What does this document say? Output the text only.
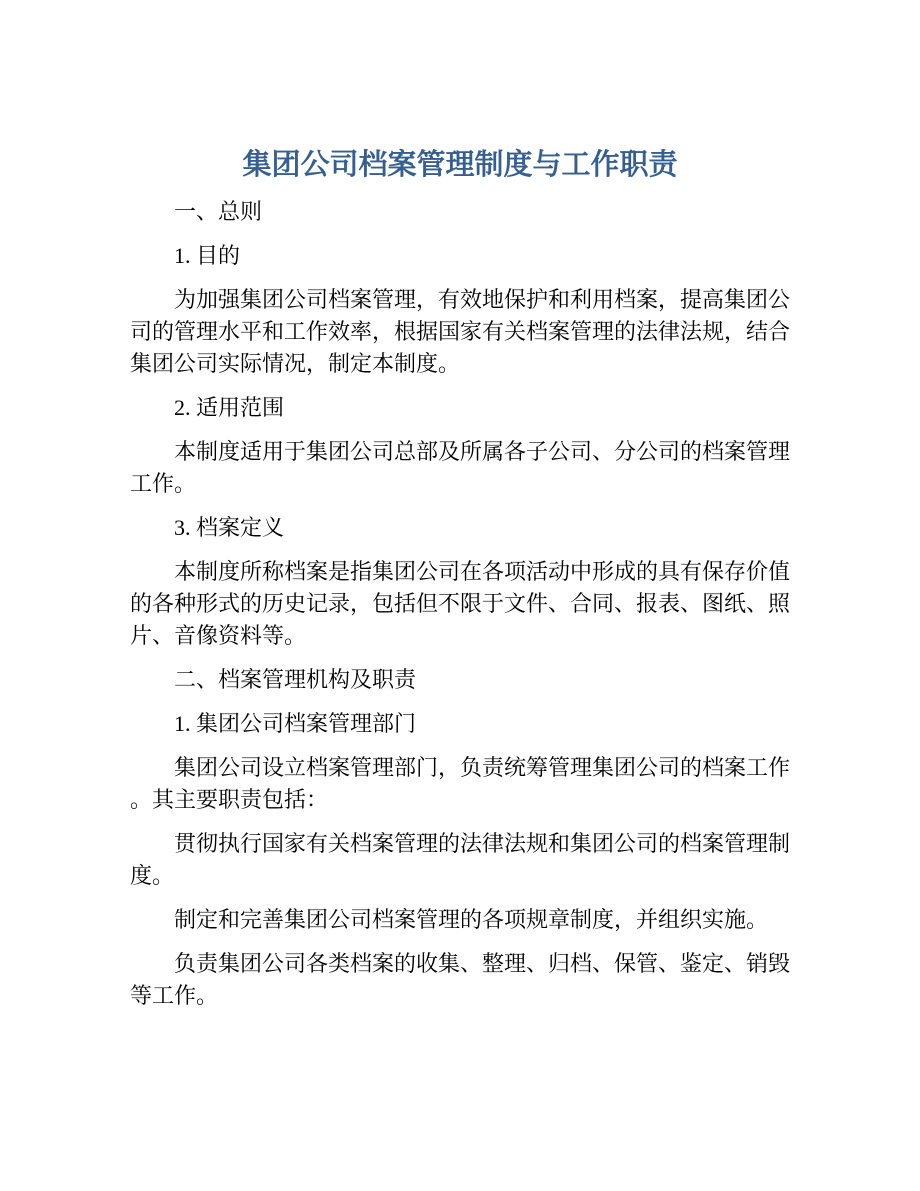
集团公司档案管理制度与工作职责

一、总则

1. 目的

为加强集团公司档案管理，有效地保护和利用档案，提高集团公司的管理水平和工作效率，根据国家有关档案管理的法律法规，结合集团公司实际情况，制定本制度。

2. 适用范围

本制度适用于集团公司总部及所属各子公司、分公司的档案管理工作。

3. 档案定义

本制度所称档案是指集团公司在各项活动中形成的具有保存价值的各种形式的历史记录，包括但不限于文件、合同、报表、图纸、照片、音像资料等。

二、档案管理机构及职责

1. 集团公司档案管理部门

集团公司设立档案管理部门，负责统筹管理集团公司的档案工作。其主要职责包括：

贯彻执行国家有关档案管理的法律法规和集团公司的档案管理制度。

制定和完善集团公司档案管理的各项规章制度，并组织实施。

负责集团公司各类档案的收集、整理、归档、保管、鉴定、销毁等工作。
